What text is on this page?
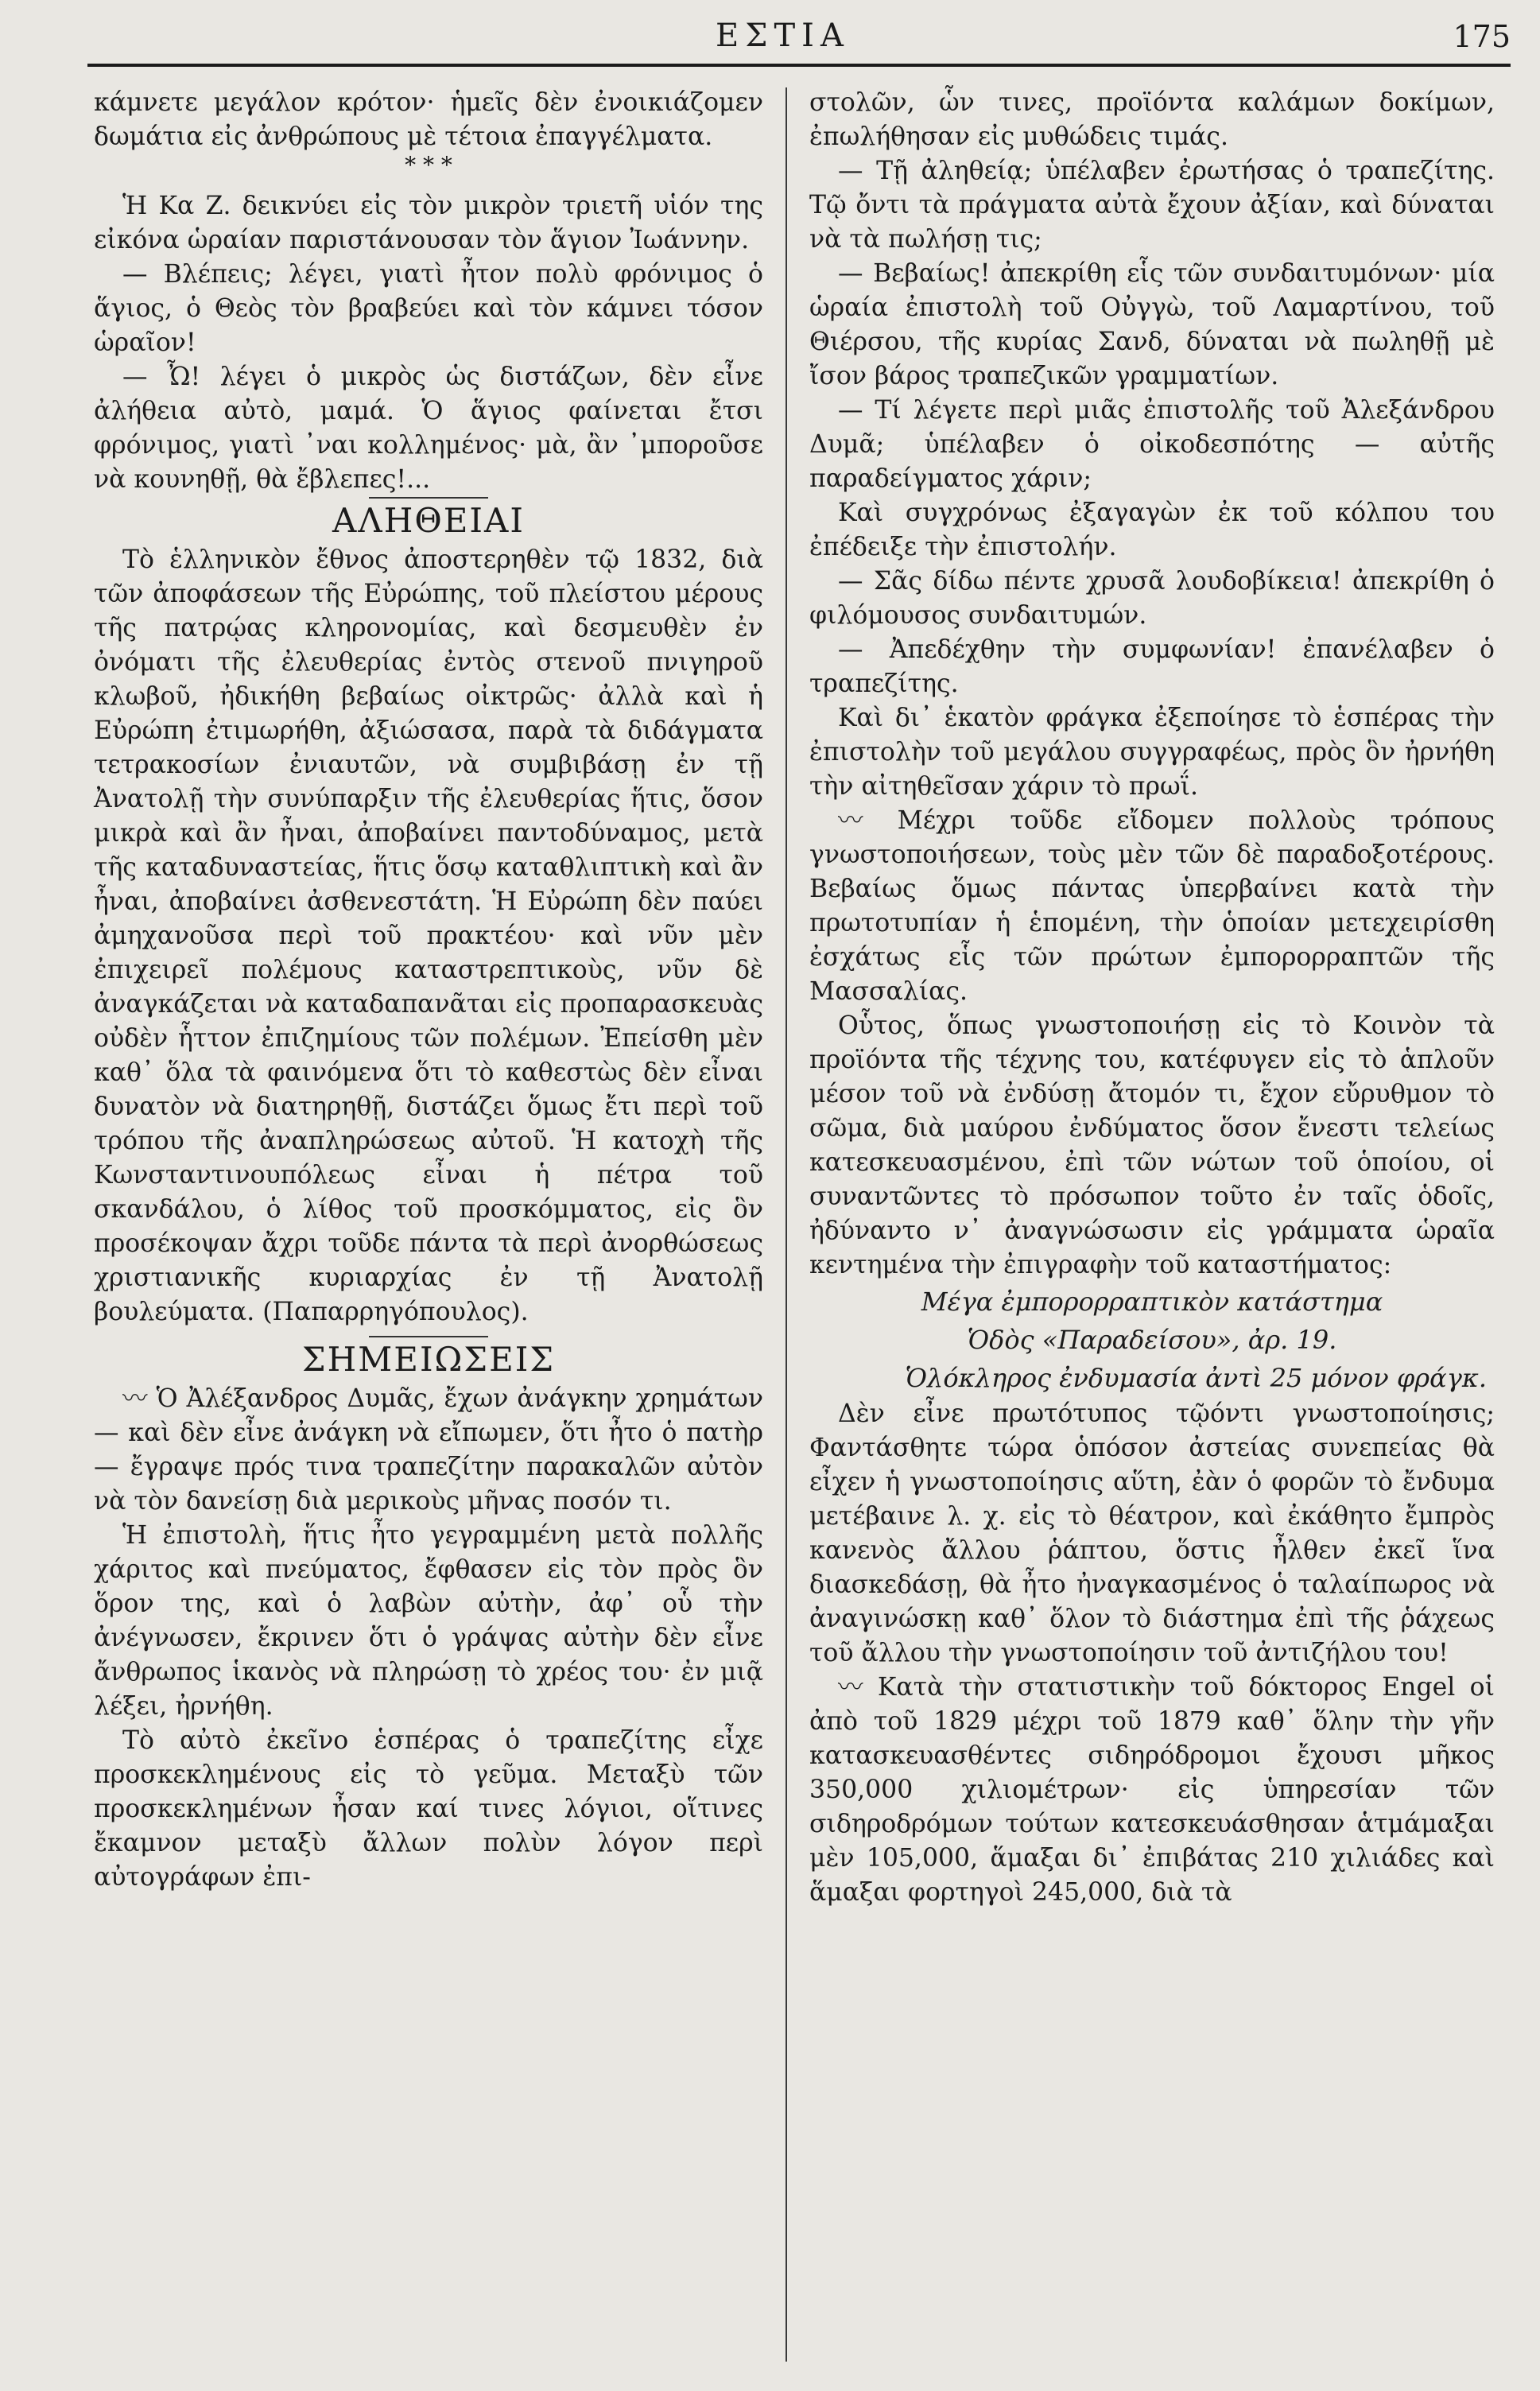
ΕΣΤΙΑ	175

κάμνετε μεγάλον κρότον· ἡμεῖς δὲν ἐνοικιάζομεν δωμάτια εἰς ἀνθρώπους μὲ τέτοια ἐπαγγέλματα.

* * *

Ἡ Κα Ζ. δεικνύει εἰς τὸν μικρὸν τριετῆ υἱόν της εἰκόνα ὡραίαν παριστάνουσαν τὸν ἅγιον Ἰωάννην.

— Βλέπεις; λέγει, γιατὶ ἦτον πολὺ φρόνιμος ὁ ἅγιος, ὁ Θεὸς τὸν βραβεύει καὶ τὸν κάμνει τόσον ὡραῖον!

— Ὦ! λέγει ὁ μικρὸς ὡς διστάζων, δὲν εἶνε ἀλήθεια αὐτὸ, μαμά. Ὁ ἅγιος φαίνεται ἔτσι φρόνιμος, γιατὶ ᾽ναι κολλημένος· μὰ, ἂν ᾽μποροῦσε νὰ κουνηθῇ, θὰ ἔβλεπες!...

ΑΛΗΘΕΙΑΙ

Τὸ ἑλληνικὸν ἔθνος ἀποστερηθὲν τῷ 1832, διὰ τῶν ἀποφάσεων τῆς Εὐρώπης, τοῦ πλείστου μέρους τῆς πατρῴας κληρονομίας, καὶ δεσμευθὲν ἐν ὀνόματι τῆς ἐλευθερίας ἐντὸς στενοῦ πνιγηροῦ κλωβοῦ, ἠδικήθη βεβαίως οἰκτρῶς· ἀλλὰ καὶ ἡ Εὐρώπη ἐτιμωρήθη, ἀξιώσασα, παρὰ τὰ διδάγματα τετρακοσίων ἐνιαυτῶν, νὰ συμβιβάσῃ ἐν τῇ Ἀνατολῇ τὴν συνύπαρξιν τῆς ἐλευθερίας ἥτις, ὅσον μικρὰ καὶ ἂν ἦναι, ἀποβαίνει παντοδύναμος, μετὰ τῆς καταδυναστείας, ἥτις ὅσῳ καταθλιπτικὴ καὶ ἂν ἦναι, ἀποβαίνει ἀσθενεστάτη. Ἡ Εὐρώπη δὲν παύει ἀμηχανοῦσα περὶ τοῦ πρακτέου· καὶ νῦν μὲν ἐπιχειρεῖ πολέμους καταστρεπτικοὺς, νῦν δὲ ἀναγκάζεται νὰ καταδαπανᾶται εἰς προπαρασκευὰς οὐδὲν ἧττον ἐπιζημίους τῶν πολέμων. Ἐπείσθη μὲν καθ᾽ ὅλα τὰ φαινόμενα ὅτι τὸ καθεστὼς δὲν εἶναι δυνατὸν νὰ διατηρηθῇ, διστάζει ὅμως ἔτι περὶ τοῦ τρόπου τῆς ἀναπληρώσεως αὐτοῦ. Ἡ κατοχὴ τῆς Κωνσταντινουπόλεως εἶναι ἡ πέτρα τοῦ σκανδάλου, ὁ λίθος τοῦ προσκόμματος, εἰς ὃν προσέκοψαν ἄχρι τοῦδε πάντα τὰ περὶ ἀνορθώσεως χριστιανικῆς κυριαρχίας ἐν τῇ Ἀνατολῇ βουλεύματα. (Παπαρρηγόπουλος).

ΣΗΜΕΙΩΣΕΙΣ

〰 Ὁ Ἀλέξανδρος Δυμᾶς, ἔχων ἀνάγκην χρημάτων — καὶ δὲν εἶνε ἀνάγκη νὰ εἴπωμεν, ὅτι ἦτο ὁ πατὴρ — ἔγραψε πρός τινα τραπεζίτην παρακαλῶν αὐτὸν νὰ τὸν δανείσῃ διὰ μερικοὺς μῆνας ποσόν τι.

Ἡ ἐπιστολὴ, ἥτις ἦτο γεγραμμένη μετὰ πολλῆς χάριτος καὶ πνεύματος, ἔφθασεν εἰς τὸν πρὸς ὃν ὅρον της, καὶ ὁ λαβὼν αὐτὴν, ἀφ᾽ οὗ τὴν ἀνέγνωσεν, ἔκρινεν ὅτι ὁ γράψας αὐτὴν δὲν εἶνε ἄνθρωπος ἱκανὸς νὰ πληρώσῃ τὸ χρέος του· ἐν μιᾷ λέξει, ἠρνήθη.

Τὸ αὐτὸ ἐκεῖνο ἑσπέρας ὁ τραπεζίτης εἶχε προσκεκλημένους εἰς τὸ γεῦμα. Μεταξὺ τῶν προσκεκλημένων ἦσαν καί τινες λόγιοι, οἵτινες ἔκαμνον μεταξὺ ἄλλων πολὺν λόγον περὶ αὐτογράφων ἐπι-

στολῶν, ὧν τινες, προϊόντα καλάμων δοκίμων, ἐπωλήθησαν εἰς μυθώδεις τιμάς.

— Τῇ ἀληθείᾳ; ὑπέλαβεν ἐρωτήσας ὁ τραπεζίτης. Τῷ ὄντι τὰ πράγματα αὐτὰ ἔχουν ἀξίαν, καὶ δύναται νὰ τὰ πωλήσῃ τις;

— Βεβαίως! ἀπεκρίθη εἷς τῶν συνδαιτυμόνων· μία ὡραία ἐπιστολὴ τοῦ Οὐγγὼ, τοῦ Λαμαρτίνου, τοῦ Θιέρσου, τῆς κυρίας Σανδ, δύναται νὰ πωληθῇ μὲ ἴσον βάρος τραπεζικῶν γραμματίων.

— Τί λέγετε περὶ μιᾶς ἐπιστολῆς τοῦ Ἀλεξάνδρου Δυμᾶ; ὑπέλαβεν ὁ οἰκοδεσπότης — αὐτῆς παραδείγματος χάριν;

Καὶ συγχρόνως ἐξαγαγὼν ἐκ τοῦ κόλπου του ἐπέδειξε τὴν ἐπιστολήν.

— Σᾶς δίδω πέντε χρυσᾶ λουδοβίκεια! ἀπεκρίθη ὁ φιλόμουσος συνδαιτυμών.

— Ἀπεδέχθην τὴν συμφωνίαν! ἐπανέλαβεν ὁ τραπεζίτης.

Καὶ δι᾽ ἑκατὸν φράγκα ἐξεποίησε τὸ ἑσπέρας τὴν ἐπιστολὴν τοῦ μεγάλου συγγραφέως, πρὸς ὃν ἠρνήθη τὴν αἰτηθεῖσαν χάριν τὸ πρωΐ.

〰 Μέχρι τοῦδε εἴδομεν πολλοὺς τρόπους γνωστοποιήσεων, τοὺς μὲν τῶν δὲ παραδοξοτέρους. Βεβαίως ὅμως πάντας ὑπερβαίνει κατὰ τὴν πρωτοτυπίαν ἡ ἑπομένη, τὴν ὁποίαν μετεχειρίσθη ἐσχάτως εἷς τῶν πρώτων ἐμπορορραπτῶν τῆς Μασσαλίας.

Οὗτος, ὅπως γνωστοποιήσῃ εἰς τὸ Κοινὸν τὰ προϊόντα τῆς τέχνης του, κατέφυγεν εἰς τὸ ἁπλοῦν μέσον τοῦ νὰ ἐνδύσῃ ἄτομόν τι, ἔχον εὔρυθμον τὸ σῶμα, διὰ μαύρου ἐνδύματος ὅσον ἔνεστι τελείως κατεσκευασμένου, ἐπὶ τῶν νώτων τοῦ ὁποίου, οἱ συναντῶντες τὸ πρόσωπον τοῦτο ἐν ταῖς ὁδοῖς, ἠδύναντο ν᾽ ἀναγνώσωσιν εἰς γράμματα ὡραῖα κεντημένα τὴν ἐπιγραφὴν τοῦ καταστήματος:

Μέγα ἐμπορορραπτικὸν κατάστημα
Ὁδὸς «Παραδείσου», ἀρ. 19.
Ὁλόκληρος ἐνδυμασία ἀντὶ 25 μόνον φράγκ.

Δὲν εἶνε πρωτότυπος τῷόντι γνωστοποίησις; Φαντάσθητε τώρα ὁπόσον ἀστείας συνεπείας θὰ εἶχεν ἡ γνωστοποίησις αὕτη, ἐὰν ὁ φορῶν τὸ ἔνδυμα μετέβαινε λ. χ. εἰς τὸ θέατρον, καὶ ἐκάθητο ἔμπρὸς κανενὸς ἄλλου ῥάπτου, ὅστις ἦλθεν ἐκεῖ ἵνα διασκεδάσῃ, θὰ ἦτο ἠναγκασμένος ὁ ταλαίπωρος νὰ ἀναγινώσκῃ καθ᾽ ὅλον τὸ διάστημα ἐπὶ τῆς ῥάχεως τοῦ ἄλλου τὴν γνωστοποίησιν τοῦ ἀντιζήλου του!

〰 Κατὰ τὴν στατιστικὴν τοῦ δόκτορος Engel οἱ ἀπὸ τοῦ 1829 μέχρι τοῦ 1879 καθ᾽ ὅλην τὴν γῆν κατασκευασθέντες σιδηρόδρομοι ἔχουσι μῆκος 350,000 χιλιομέτρων· εἰς ὑπηρεσίαν τῶν σιδηροδρόμων τούτων κατεσκευάσθησαν ἁτμάμαξαι μὲν 105,000, ἅμαξαι δι᾽ ἐπιβάτας 210 χιλιάδες καὶ ἅμαξαι φορτηγοὶ 245,000, διὰ τὰ
